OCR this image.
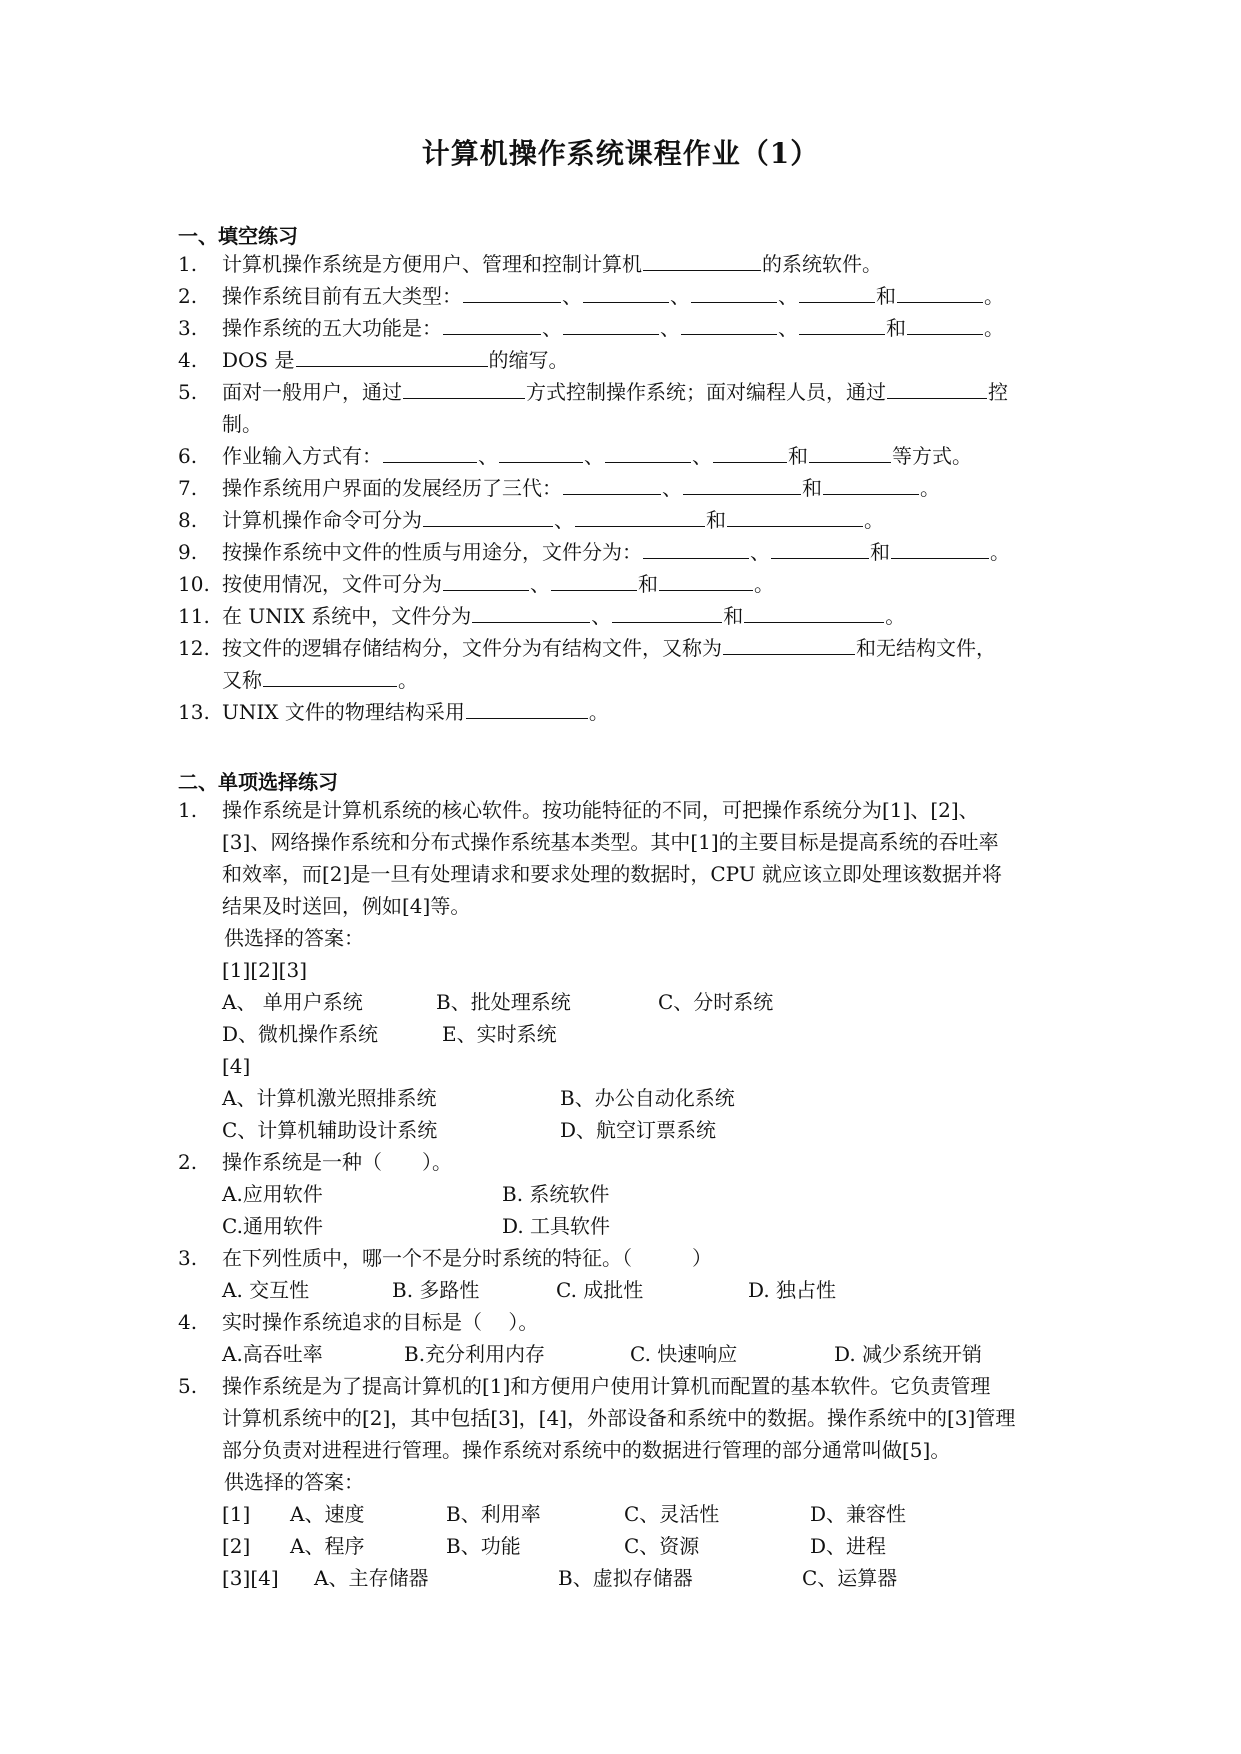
计算机操作系统课程作业（1）
一、填空练习
1. 计算机操作系统是方便用户、管理和控制计算机	的系统软件。
2. 操作系统目前有五大类型：	、	、	、	和	。
3. 操作系统的五大功能是：	、	、	、	和	。
4. DOS 是	的缩写。
5. 面对一般用户，通过	方式控制操作系统；面对编程人员，通过	控
制。
6. 作业输入方式有：	、	、	、	和	等方式。
7. 操作系统用户界面的发展经历了三代：	、	和	。
8. 计算机操作命令可分为	、	和	。
9. 按操作系统中文件的性质与用途分，文件分为：	、	和	。
10. 按使用情况，文件可分为	、	和	。
11. 在 UNIX 系统中，文件分为	、	和	。
12. 按文件的逻辑存储结构分，文件分为有结构文件，又称为	和无结构文件，
又称	。
13. UNIX 文件的物理结构采用	。
二、单项选择练习
1. 操作系统是计算机系统的核心软件。按功能特征的不同，可把操作系统分为[1]、[2]、
[3]、网络操作系统和分布式操作系统基本类型。其中[1]的主要目标是提高系统的吞吐率
和效率，而[2]是一旦有处理请求和要求处理的数据时，CPU 就应该立即处理该数据并将
结果及时送回，例如[4]等。
供选择的答案：
[1][2][3]
A、 单用户系统	B、批处理系统	C、分时系统
D、微机操作系统	E、实时系统
[4]
A、计算机激光照排系统	B、办公自动化系统
C、计算机辅助设计系统	D、航空订票系统
2. 操作系统是一种（　　）。
A.应用软件	B. 系统软件
C.通用软件	D. 工具软件
3. 在下列性质中，哪一个不是分时系统的特征。（　　　）
A. 交互性	B. 多路性	C. 成批性	D. 独占性
4. 实时操作系统追求的目标是（　 ）。
A.高吞吐率	B.充分利用内存	C. 快速响应	D. 减少系统开销
5. 操作系统是为了提高计算机的[1]和方便用户使用计算机而配置的基本软件。它负责管理
计算机系统中的[2]，其中包括[3]，[4]，外部设备和系统中的数据。操作系统中的[3]管理
部分负责对进程进行管理。操作系统对系统中的数据进行管理的部分通常叫做[5]。
供选择的答案：
[1] A、速度	B、利用率	C、灵活性	D、兼容性
[2] A、程序	B、功能	C、资源	D、进程
[3][4] A、主存储器	B、虚拟存储器	C、运算器
